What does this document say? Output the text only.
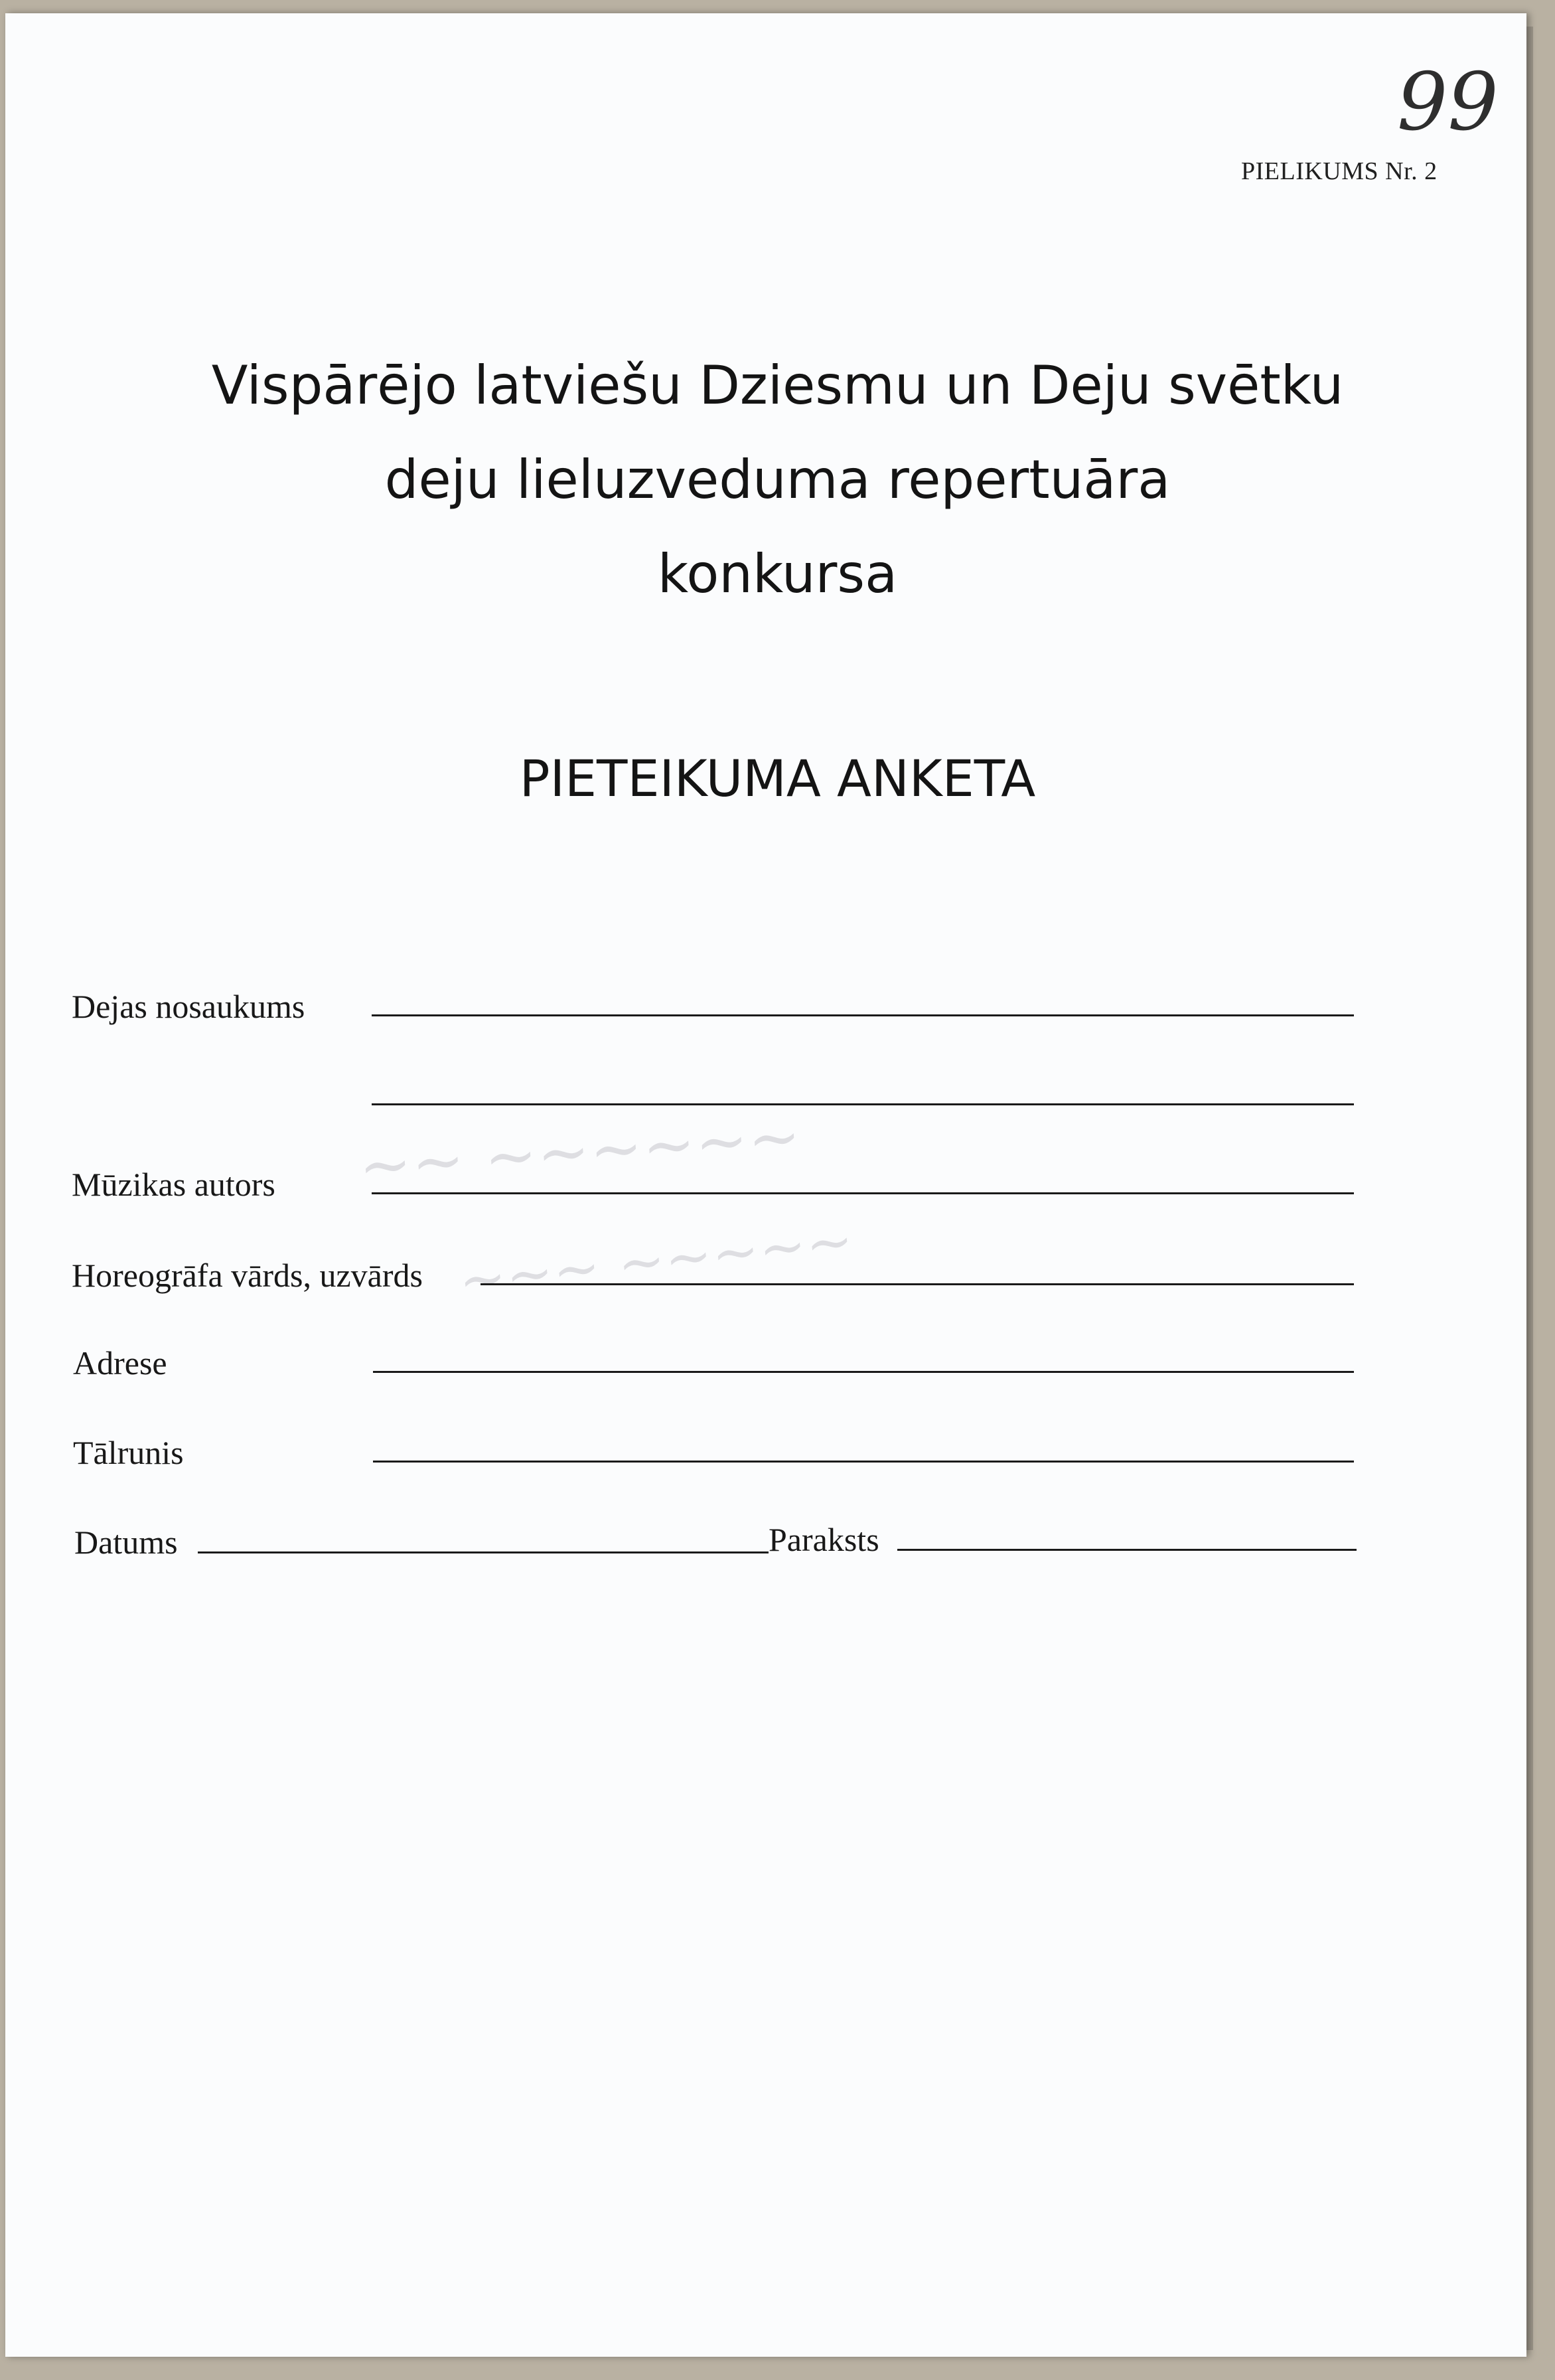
99
PIELIKUMS Nr. 2
Vispārējo latviešu Dziesmu un Deju svētku
deju lieluzveduma repertuāra
konkursa
PIETEIKUMA ANKETA
∼∼ ∼∼∼∼∼∼
∼∼∼ ∼∼∼∼∼
Dejas nosaukums
Mūzikas autors
Horeogrāfa vārds, uzvārds
Adrese
Tālrunis
Datums	Paraksts
